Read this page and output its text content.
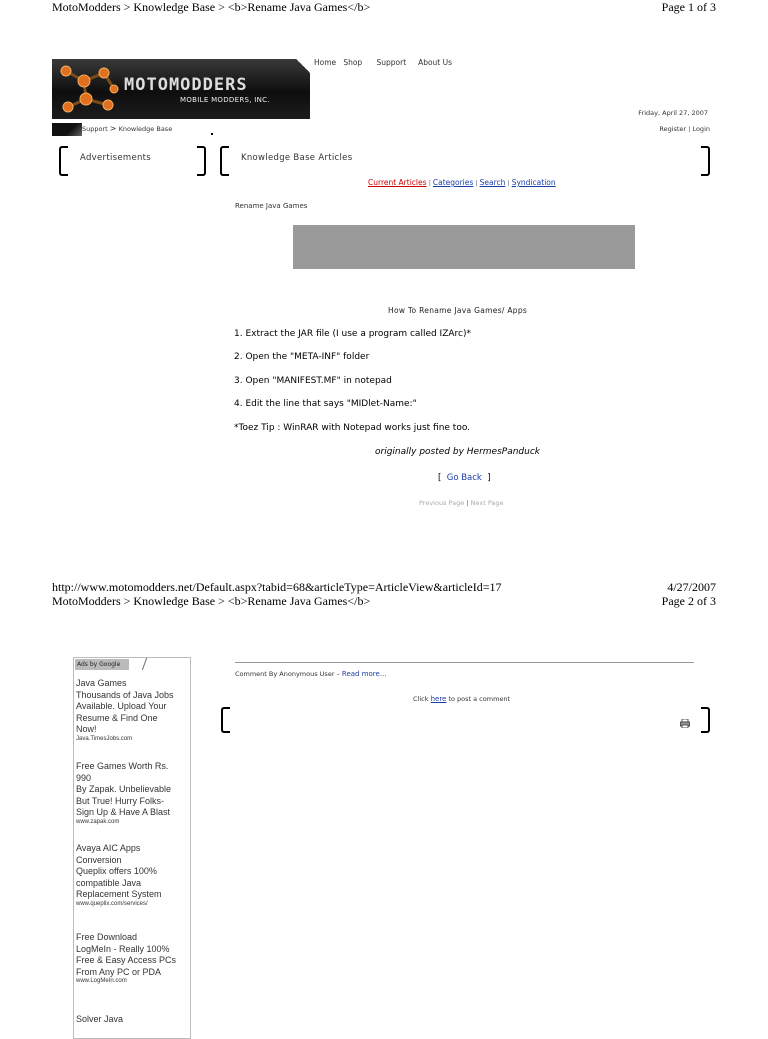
MotoModders > Knowledge Base > <b>Rename Java Games</b>	Page 1 of 3
Home Shop Support About Us
MOTOMODDERS
MOBILE MODDERS, INC.
Friday, April 27, 2007
Register | Login
Support > Knowledge Base
Advertisements	Knowledge Base Articles
Current Articles | Categories | Search | Syndication
Rename Java Games
How To Rename Java Games/ Apps
1. Extract the JAR file (I use a program called IZArc)*
2. Open the "META-INF" folder
3. Open "MANIFEST.MF" in notepad
4. Edit the line that says "MIDlet-Name:"
*Toez Tip : WinRAR with Notepad works just fine too.
originally posted by HermesPanduck
[ Go Back ]
Previous Page | Next Page
http://www.motomodders.net/Default.aspx?tabid=68&articleType=ArticleView&articleId=17	4/27/2007
MotoModders > Knowledge Base > <b>Rename Java Games</b>	Page 2 of 3
Ads by Google
Java Games
Thousands of Java Jobs
Available. Upload Your
Resume & Find One
Now!
Java.TimesJobs.com
Free Games Worth Rs.
990
By Zapak. Unbelievable
But True! Hurry Folks-
Sign Up & Have A Blast
www.zapak.com
Avaya AIC Apps
Conversion
Queplix offers 100%
compatible Java
Replacement System
www.queplix.com/services/
Free Download
LogMeIn - Really 100%
Free & Easy Access PCs
From Any PC or PDA
www.LogMeIn.com
Solver Java
Comment By Anonymous User – Read more...
Click here to post a comment
